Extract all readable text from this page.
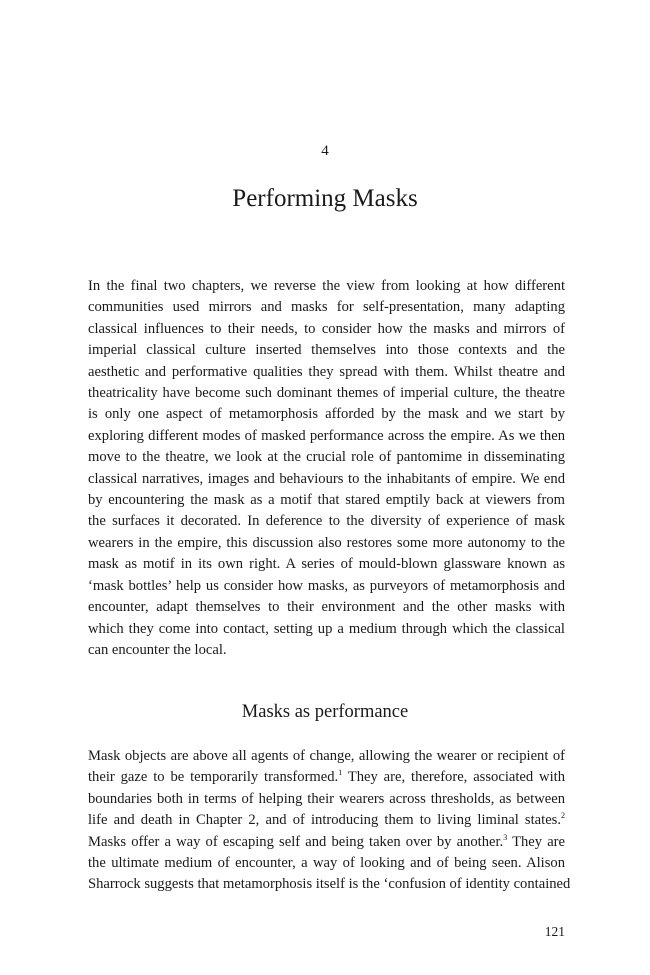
4
Performing Masks
In the final two chapters, we reverse the view from looking at how different
communities used mirrors and masks for self-presentation, many adapting
classical influences to their needs, to consider how the masks and mirrors of
imperial classical culture inserted themselves into those contexts and the
aesthetic and performative qualities they spread with them. Whilst theatre and
theatricality have become such dominant themes of imperial culture, the theatre
is only one aspect of metamorphosis afforded by the mask and we start by
exploring different modes of masked performance across the empire. As we then
move to the theatre, we look at the crucial role of pantomime in disseminating
classical narratives, images and behaviours to the inhabitants of empire. We end
by encountering the mask as a motif that stared emptily back at viewers from
the surfaces it decorated. In deference to the diversity of experience of mask
wearers in the empire, this discussion also restores some more autonomy to the
mask as motif in its own right. A series of mould-blown glassware known as
‘mask bottles’ help us consider how masks, as purveyors of metamorphosis and
encounter, adapt themselves to their environment and the other masks with
which they come into contact, setting up a medium through which the classical
can encounter the local.
Masks as performance
Mask objects are above all agents of change, allowing the wearer or recipient of
their gaze to be temporarily transformed.$^1$ They are, therefore, associated with
boundaries both in terms of helping their wearers across thresholds, as between
life and death in Chapter 2, and of introducing them to living liminal states.$^2$
Masks offer a way of escaping self and being taken over by another.$^3$ They are
the ultimate medium of encounter, a way of looking and of being seen. Alison
Sharrock suggests that metamorphosis itself is the ‘confusion of identity contained
121
